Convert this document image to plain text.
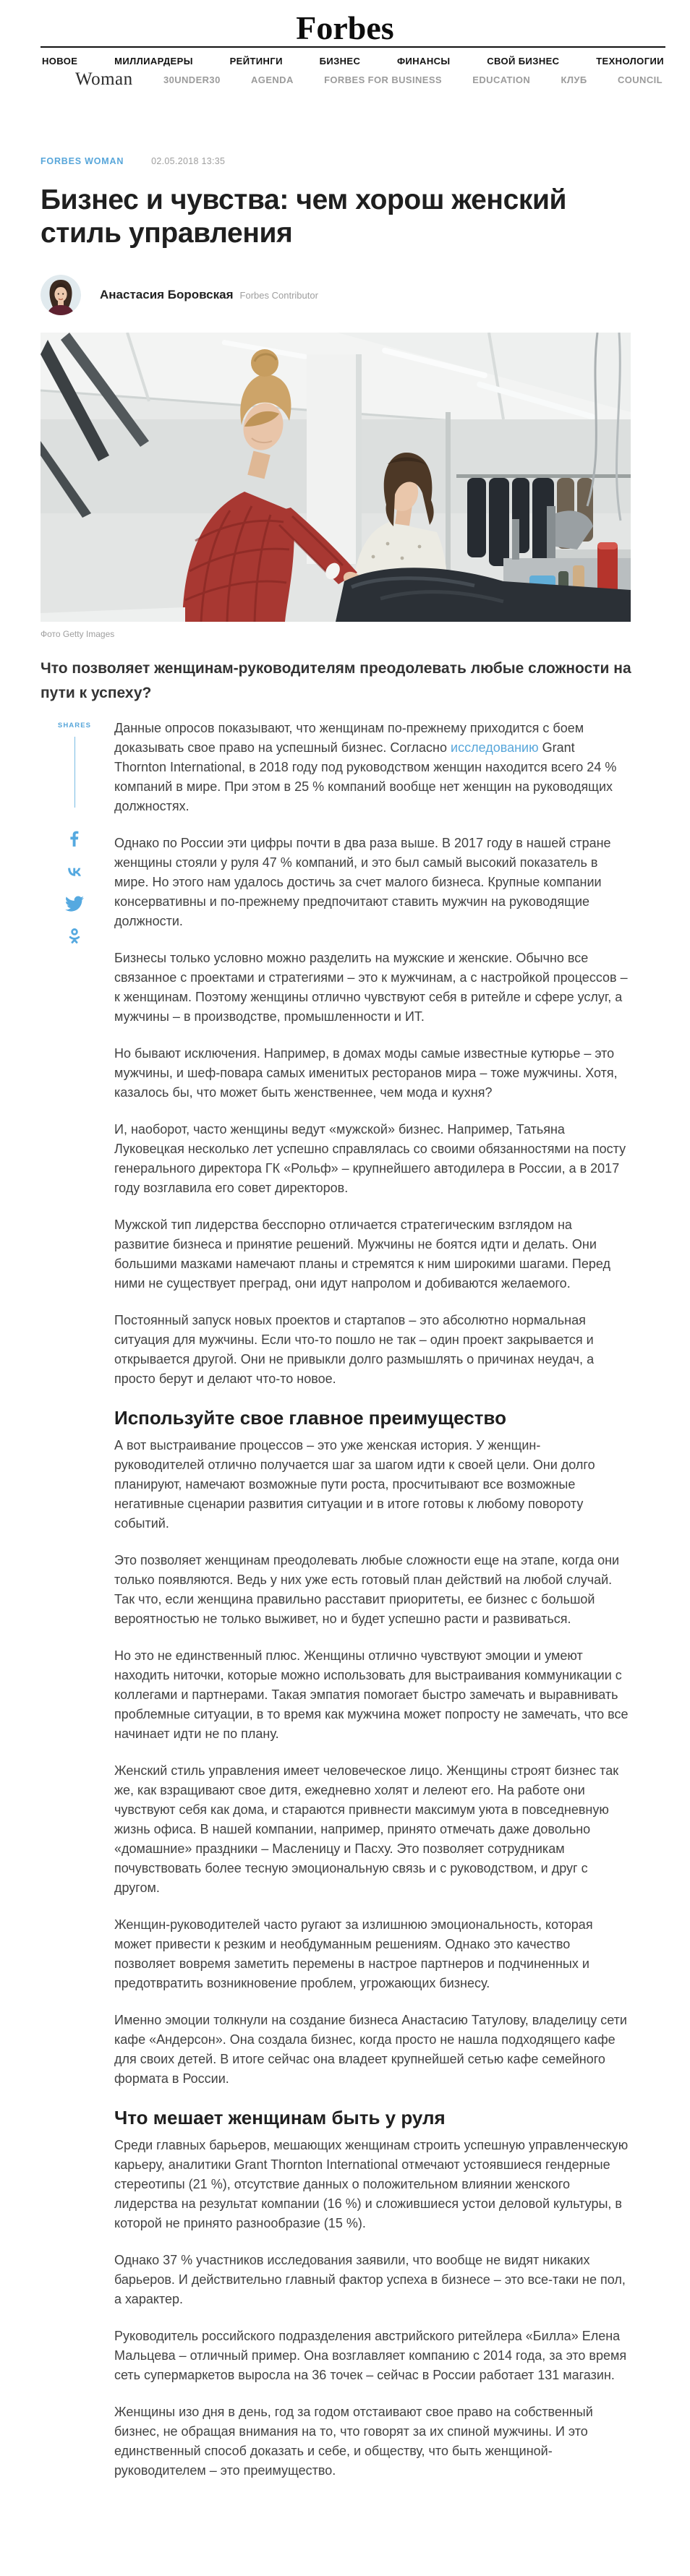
Forbes
НОВОЕ	МИЛЛИАРДЕРЫ	РЕЙТИНГИ	БИЗНЕС	ФИНАНСЫ	СВОЙ БИЗНЕС	ТЕХНОЛОГИИ
Woman	30UNDER30	AGENDA	FORBES FOR BUSINESS	EDUCATION	КЛУБ	COUNCIL
FORBES WOMAN	02.05.2018 13:35
Бизнес и чувства: чем хорош женский стиль управления
Анастасия Боровская Forbes Contributor
Фото Getty Images

Что позволяет женщинам-руководителям преодолевать любые сложности на пути к успеху?

SHARES	Данные опросов показывают, что женщинам по-прежнему приходится с боем доказывать свое право на успешный бизнес. Согласно исследованию Grant Thornton International, в 2018 году под руководством женщин находится всего 24 % компаний в мире. При этом в 25 % компаний вообще нет женщин на руководящих должностях.

Однако по России эти цифры почти в два раза выше. В 2017 году в нашей стране женщины стояли у руля 47 % компаний, и это был самый высокий показатель в мире. Но этого нам удалось достичь за счет малого бизнеса. Крупные компании консервативны и по-прежнему предпочитают ставить мужчин на руководящие должности.

Бизнесы только условно можно разделить на мужские и женские. Обычно все связанное с проектами и стратегиями – это к мужчинам, а с настройкой процессов – к женщинам. Поэтому женщины отлично чувствуют себя в ритейле и сфере услуг, а мужчины – в производстве, промышленности и ИТ.

Но бывают исключения. Например, в домах моды самые известные кутюрье – это мужчины, и шеф-повара самых именитых ресторанов мира – тоже мужчины. Хотя, казалось бы, что может быть женственнее, чем мода и кухня?

И, наоборот, часто женщины ведут «мужской» бизнес. Например, Татьяна Луковецкая несколько лет успешно справлялась со своими обязанностями на посту генерального директора ГК «Рольф» – крупнейшего автодилера в России, а в 2017 году возглавила его совет директоров.

Мужской тип лидерства бесспорно отличается стратегическим взглядом на развитие бизнеса и принятие решений. Мужчины не боятся идти и делать. Они большими мазками намечают планы и стремятся к ним широкими шагами. Перед ними не существует преград, они идут напролом и добиваются желаемого.

Постоянный запуск новых проектов и стартапов – это абсолютно нормальная ситуация для мужчины. Если что-то пошло не так – один проект закрывается и открывается другой. Они не привыкли долго размышлять о причинах неудач, а просто берут и делают что-то новое.

Используйте свое главное преимущество

А вот выстраивание процессов – это уже женская история. У женщин-руководителей отлично получается шаг за шагом идти к своей цели. Они долго планируют, намечают возможные пути роста, просчитывают все возможные негативные сценарии развития ситуации и в итоге готовы к любому повороту событий.

Это позволяет женщинам преодолевать любые сложности еще на этапе, когда они только появляются. Ведь у них уже есть готовый план действий на любой случай. Так что, если женщина правильно расставит приоритеты, ее бизнес с большой вероятностью не только выживет, но и будет успешно расти и развиваться.

Но это не единственный плюс. Женщины отлично чувствуют эмоции и умеют находить ниточки, которые можно использовать для выстраивания коммуникации с коллегами и партнерами. Такая эмпатия помогает быстро замечать и выравнивать проблемные ситуации, в то время как мужчина может попросту не замечать, что все начинает идти не по плану.

Женский стиль управления имеет человеческое лицо. Женщины строят бизнес так же, как взращивают свое дитя, ежедневно холят и лелеют его. На работе они чувствуют себя как дома, и стараются привнести максимум уюта в повседневную жизнь офиса. В нашей компании, например, принято отмечать даже довольно «домашние» праздники – Масленицу и Пасху. Это позволяет сотрудникам почувствовать более тесную эмоциональную связь и с руководством, и друг с другом.

Женщин-руководителей часто ругают за излишнюю эмоциональность, которая может привести к резким и необдуманным решениям. Однако это качество позволяет вовремя заметить перемены в настрое партнеров и подчиненных и предотвратить возникновение проблем, угрожающих бизнесу.

Именно эмоции толкнули на создание бизнеса Анастасию Татулову, владелицу сети кафе «Андерсон». Она создала бизнес, когда просто не нашла подходящего кафе для своих детей. В итоге сейчас она владеет крупнейшей сетью кафе семейного формата в России.

Что мешает женщинам быть у руля

Среди главных барьеров, мешающих женщинам строить успешную управленческую карьеру, аналитики Grant Thornton International отмечают устоявшиеся гендерные стереотипы (21 %), отсутствие данных о положительном влиянии женского лидерства на результат компании (16 %) и сложившиеся устои деловой культуры, в которой не принято разнообразие (15 %).

Однако 37 % участников исследования заявили, что вообще не видят никаких барьеров. И действительно главный фактор успеха в бизнесе – это все-таки не пол, а характер.

Руководитель российского подразделения австрийского ритейлера «Билла» Елена Мальцева – отличный пример. Она возглавляет компанию с 2014 года, за это время сеть супермаркетов выросла на 36 точек – сейчас в России работает 131 магазин.

Женщины изо дня в день, год за годом отстаивают свое право на собственный бизнес, не обращая внимания на то, что говорят за их спиной мужчины. И это единственный способ доказать и себе, и обществу, что быть женщиной-руководителем – это преимущество.
